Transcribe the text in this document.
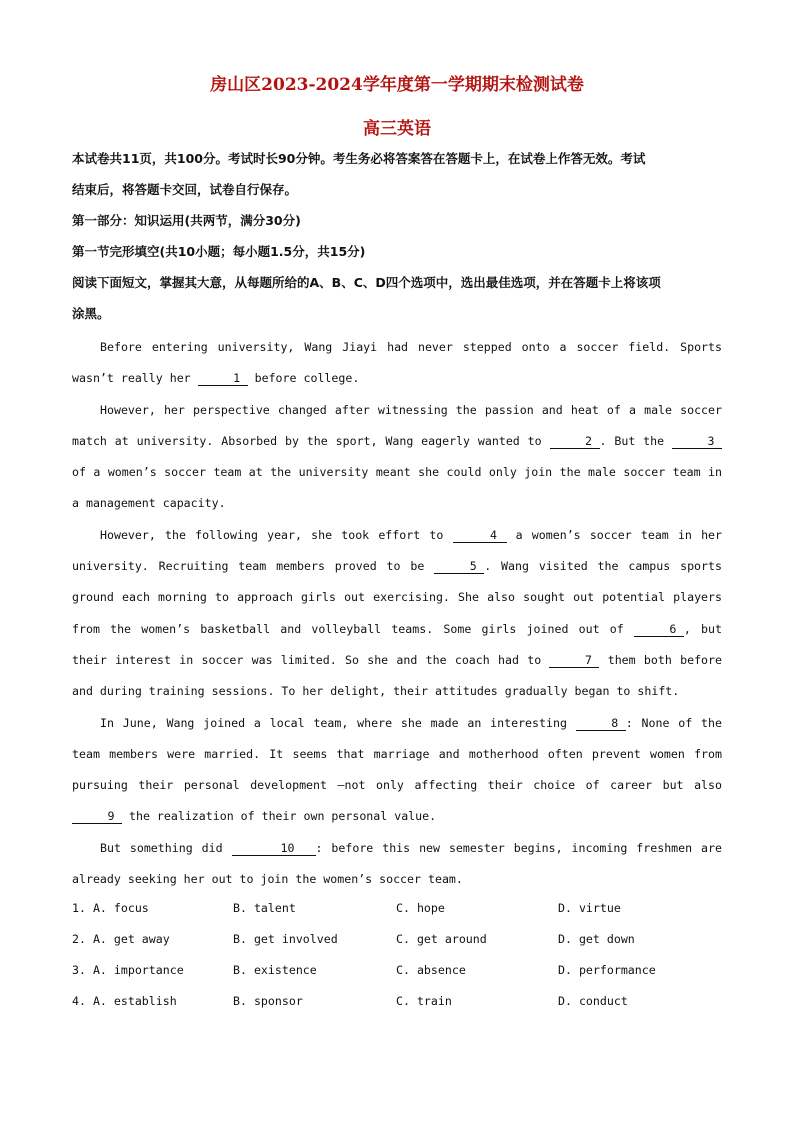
房山区2023-2024学年度第一学期期末检测试卷
高三英语
本试卷共11页，共100分。考试时长90分钟。考生务必将答案答在答题卡上，在试卷上作答无效。考试
结束后，将答题卡交回，试卷自行保存。
第一部分：知识运用(共两节，满分30分)
第一节完形填空(共10小题；每小题1.5分，共15分)
阅读下面短文，掌握其大意，从每题所给的A、B、C、D四个选项中，选出最佳选项，并在答题卡上将该项
涂黑。

Before entering university, Wang Jiayi had never stepped onto a soccer field. Sports wasn’t really her	1 before college.

However, her perspective changed after witnessing the passion and heat of a male soccer match at university. Absorbed by the sport, Wang eagerly wanted to	2 . But the	3 of a women’s soccer team at the university meant she could only join the male soccer team in a management capacity.

However, the following year, she took effort to	4 a women’s soccer team in her university. Recruiting team members proved to be	5 . Wang visited the campus sports ground each morning to approach girls out exercising. She also sought out potential players from the women’s basketball and volleyball teams. Some girls joined out of	6 , but their interest in soccer was limited. So she and the coach had to	7 them both before and during training sessions. To her delight, their attitudes gradually began to shift.

In June, Wang joined a local team, where she made an interesting	8 : None of the team members were married. It seems that marriage and motherhood often prevent women from pursuing their personal development —not only affecting their choice of career but also 9 the realization of their own personal value.

But something did	10 : before this new semester begins, incoming freshmen are already seeking her out to join the women’s soccer team.

1. A. focus	B. talent	C. hope	D. virtue
2. A. get away	B. get involved	C. get around	D. get down
3. A. importance	B. existence	C. absence	D. performance
4. A. establish	B. sponsor	C. train	D. conduct
